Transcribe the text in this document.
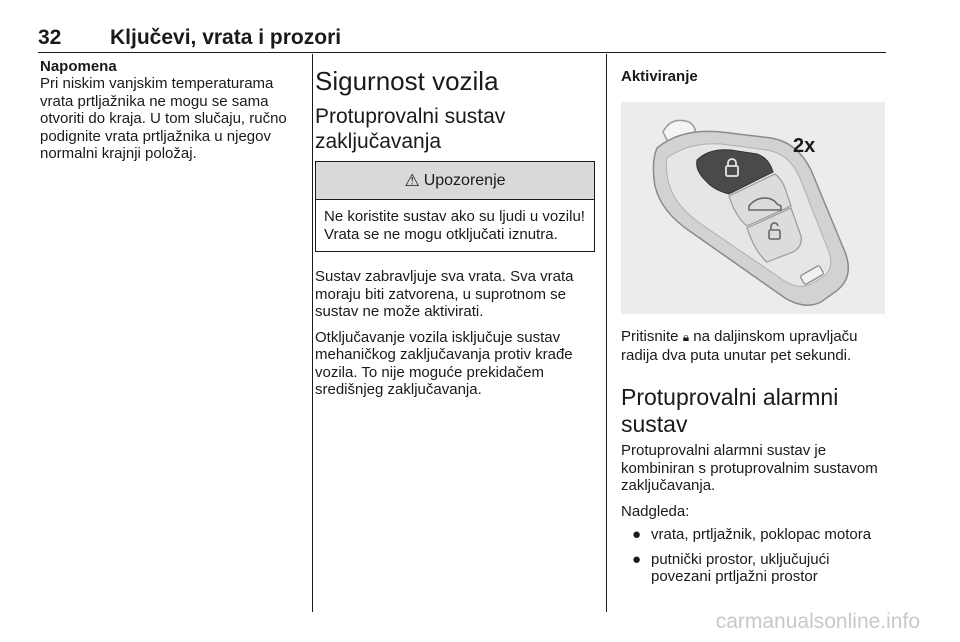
32 Ključevi, vrata i prozori
Napomena

Pri niskim vanjskim temperaturama vrata prtljažnika ne mogu se sama otvoriti do kraja. U tom slučaju, ručno podignite vrata prtljažnika u njegov normalni krajnji položaj.

Sigurnost vozila
Protuprovalni sustav zaključavanja
⚠ Upozorenje
Ne koristite sustav ako su ljudi u vozilu! Vrata se ne mogu otključati iznutra.

Sustav zabravljuje sva vrata. Sva vrata moraju biti zatvorena, u suprotnom se sustav ne može aktivirati.

Otključavanje vozila isključuje sustav mehaničkog zaključavanja protiv krađe vozila. To nije moguće prekidačem središnjeg zaključavanja.

Aktiviranje
2x

Pritisnite 🔒︎ na daljinskom upravljaču radija dva puta unutar pet sekundi.

Protuprovalni alarmni sustav

Protuprovalni alarmni sustav je kombiniran s protuprovalnim sustavom zaključavanja.

Nadgleda:

● vrata, prtljažnik, poklopac motora
● putnički prostor, uključujući povezani prtljažni prostor
carmanualsonline.info
